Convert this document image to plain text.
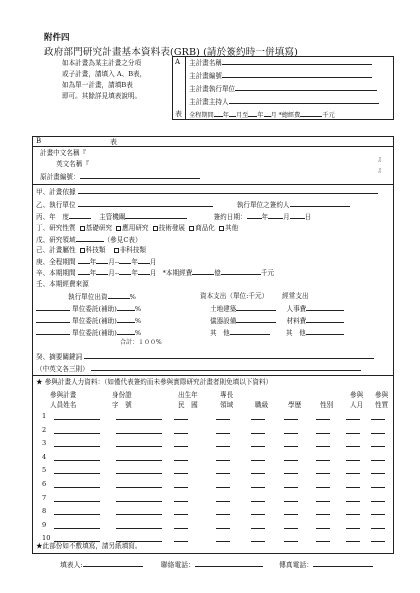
附件四
政府部門研究計畫基本資料表(GRB) (請於簽約時一併填寫)
如本計畫為某主計畫之分項
或子計畫，請填入 A、B表，
如為單一計畫，請填B表
即可。其餘詳見填表說明。
A
表
主計畫名稱
主計畫編號
主計畫執行單位
主計畫主持人
全程期間 年 月至 年 月 *總經費	千元
B	表
計畫中文名稱『
』
英文名稱『
』
原計畫編號：
甲、計畫依據
乙、執行單位	執行單位之簽約人
丙、年　度	主管機關	簽約日期： 年 月 日
丁、研究性質 基礎研究 應用研究 技術發展 商品化 其他
戊、研究領域	（參見C表）
己、計畫屬性 科技類 非科技類
庚、全程期間 年 月-- 年 月
辛、本期期間 年 月-- 年 月 *本期經費	億	千元
壬、本期經費來源
執行單位出資	%	資本支出（單位:千元） 經常支出
單位委託(補助)	%	土地建築	人事費
單位委託(補助)	%	儀器設備	材料費
單位委託(補助)	%	其　他	其　他
合計：１００%
癸、摘要關鍵詞
（中英文各三則）
★ 參與計畫人力資料：（如僅代表簽約而未參與實際研究計畫者則免填以下資料）
參與計畫	身份證	出生年	專長	參與 參與
人員姓名	字　號	民　國	領域	職級	學歷	性別	人月 性質
1
2
3
4
5
6
7
8
9
10
★此部份如不敷填寫，請另紙填寫。
填表人:	聯絡電話：	傳真電話：
